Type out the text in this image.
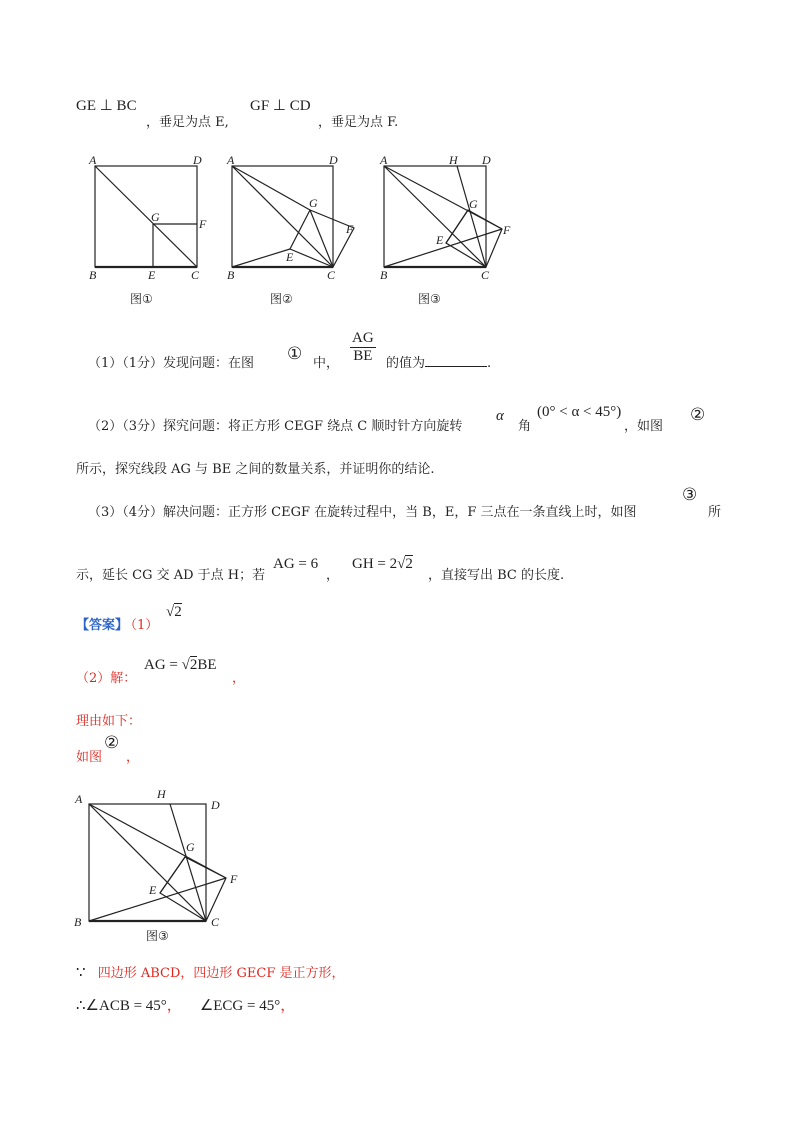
GE ⊥ BC
，垂足为点 E,
GF ⊥ CD
，垂足为点 F.
A	D
G	F
B	E	C
图①
A	D
G
F
E
B	C
图②
A	H D
G
F
E
B	C
图③
（1）（1分）发现问题：在图 ① 中， $\frac{AG}{BE}$ 的值为	.
（2）（3分）探究问题：将正方形 CEGF 绕点 C 顺时针方向旋转
α
角
(0° < α < 45°)
，如图
②
所示，探究线段 AG 与 BE 之间的数量关系，并证明你的结论.
（3）（4分）解决问题：正方形 CEGF 在旋转过程中，当 B，E，F 三点在一条直线上时，如图
③
所
示，延长 CG 交 AD 于点 H；若
AG = 6
，
GH = 2√2
，直接写出 BC 的长度.
【答案】
（1）
√2
（2）解：
AG = √2BE
，
理由如下：
如图
②
，
A	H
D
G
F
E
B	C
图③
∵ 四边形 ABCD，四边形 GECF 是正方形，
∴∠ACB = 45°， ∠ECG = 45°，
